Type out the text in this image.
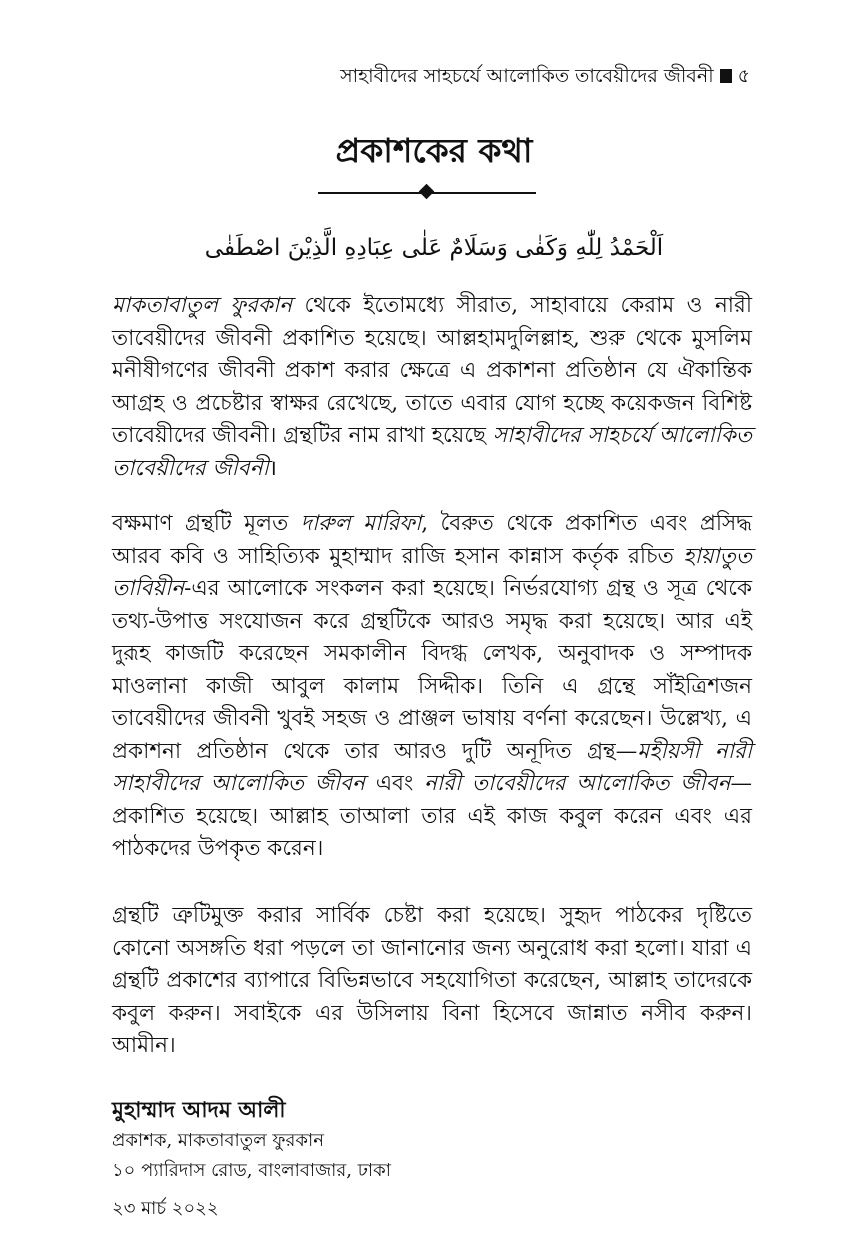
সাহাবীদের সাহচর্যে আলোকিত তাবেয়ীদের জীবনী ৫
প্রকাশকের কথা
اَلْحَمْدُ لِلّٰهِ وَكَفٰى وَسَلَامٌ عَلٰى عِبَادِهِ الَّذِيْنَ اصْطَفٰى

মাকতাবাতুল ফুরকান থেকে ইতোমধ্যে সীরাত, সাহাবায়ে কেরাম ও নারী তাবেয়ীদের জীবনী প্রকাশিত হয়েছে। আল্লহামদুলিল্লাহ, শুরু থেকে মুসলিম মনীষীগণের জীবনী প্রকাশ করার ক্ষেত্রে এ প্রকাশনা প্রতিষ্ঠান যে ঐকান্তিক আগ্রহ ও প্রচেষ্টার স্বাক্ষর রেখেছে, তাতে এবার যোগ হচ্ছে কয়েকজন বিশিষ্ট তাবেয়ীদের জীবনী। গ্রন্থটির নাম রাখা হয়েছে সাহাবীদের সাহচর্যে আলোকিত তাবেয়ীদের জীবনী।

বক্ষমাণ গ্রন্থটি মূলত দারুল মারিফা, বৈরুত থেকে প্রকাশিত এবং প্রসিদ্ধ আরব কবি ও সাহিত্যিক মুহাম্মাদ রাজি হসান কান্নাস কর্তৃক রচিত হায়াতুত তাবিয়ীন-এর আলোকে সংকলন করা হয়েছে। নির্ভরযোগ্য গ্রন্থ ও সূত্র থেকে তথ্য-উপাত্ত সংযোজন করে গ্রন্থটিকে আরও সমৃদ্ধ করা হয়েছে। আর এই দুরূহ কাজটি করেছেন সমকালীন বিদগ্ধ লেখক, অনুবাদক ও সম্পাদক মাওলানা কাজী আবুল কালাম সিদ্দীক। তিনি এ গ্রন্থে সাঁইত্রিশজন তাবেয়ীদের জীবনী খুবই সহজ ও প্রাঞ্জল ভাষায় বর্ণনা করেছেন। উল্লেখ্য, এ প্রকাশনা প্রতিষ্ঠান থেকে তার আরও দুটি অনূদিত গ্রন্থ—মহীয়সী নারী সাহাবীদের আলোকিত জীবন এবং নারী তাবেয়ীদের আলোকিত জীবন—প্রকাশিত হয়েছে। আল্লাহ তাআলা তার এই কাজ কবুল করেন এবং এর পাঠকদের উপকৃত করেন।

গ্রন্থটি ত্রুটিমুক্ত করার সার্বিক চেষ্টা করা হয়েছে। সুহৃদ পাঠকের দৃষ্টিতে কোনো অসঙ্গতি ধরা পড়লে তা জানানোর জন্য অনুরোধ করা হলো। যারা এ গ্রন্থটি প্রকাশের ব্যাপারে বিভিন্নভাবে সহযোগিতা করেছেন, আল্লাহ তাদেরকে কবুল করুন। সবাইকে এর উসিলায় বিনা হিসেবে জান্নাত নসীব করুন। আমীন।

মুহাম্মাদ আদম আলী
প্রকাশক, মাকতাবাতুল ফুরকান
১০ প্যারিদাস রোড, বাংলাবাজার, ঢাকা
২৩ মার্চ ২০২২
